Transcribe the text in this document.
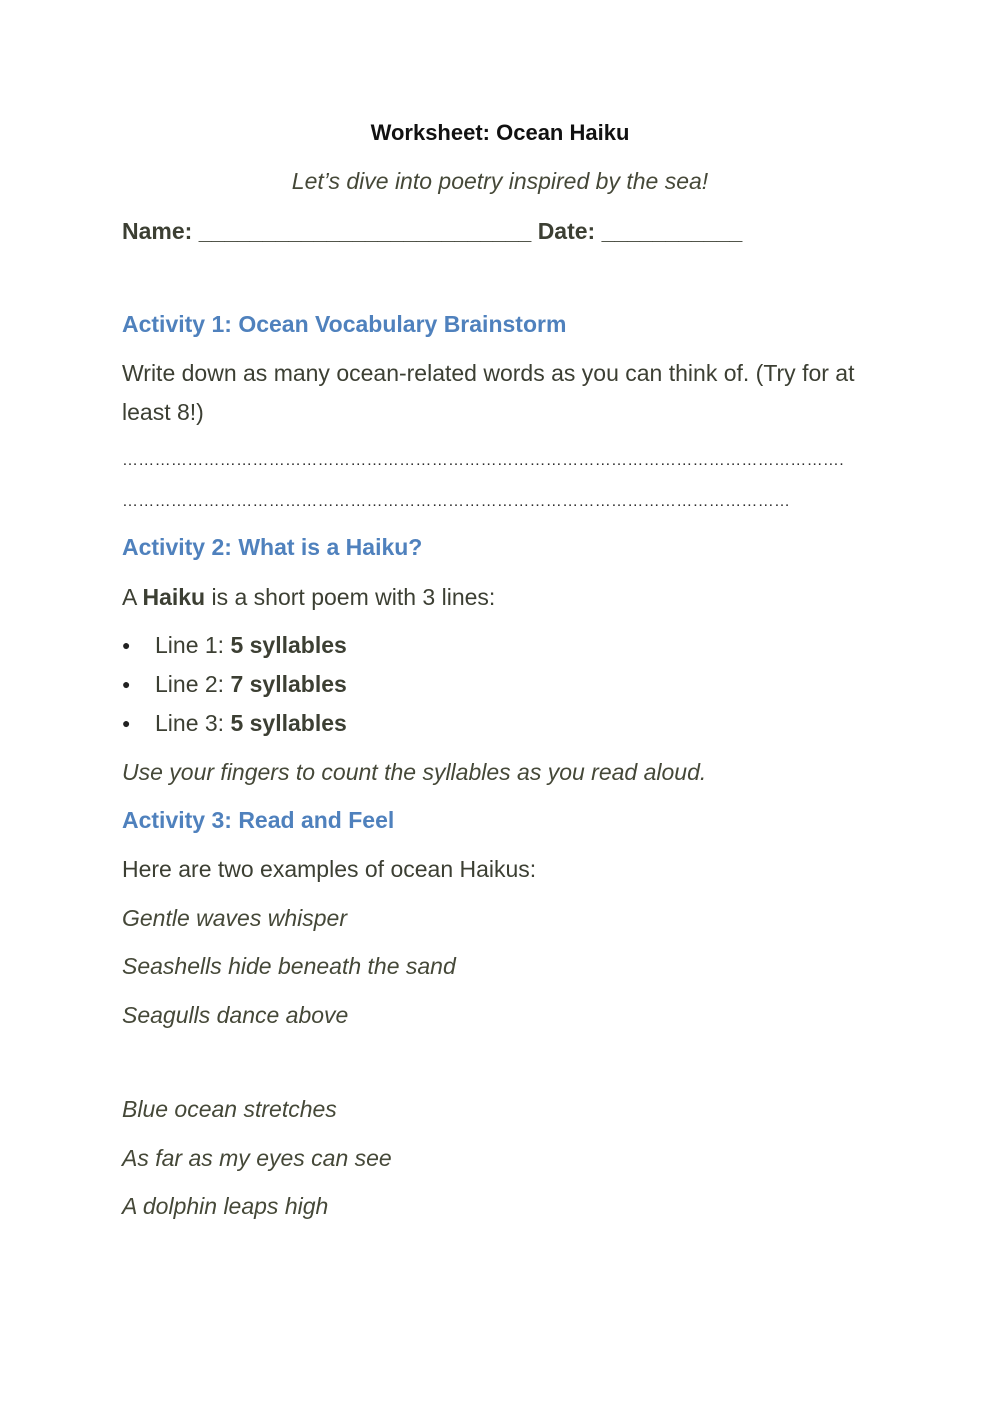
Worksheet: Ocean Haiku
Let’s dive into poetry inspired by the sea!
Name: __________________________ Date: ___________
Activity 1: Ocean Vocabulary Brainstorm
Write down as many ocean-related words as you can think of. (Try for at least 8!)
…………………………………………………………………………………………………………………….
……………………………………………………………………………………………………………
Activity 2: What is a Haiku?
A Haiku is a short poem with 3 lines:
● Line 1: 5 syllables
● Line 2: 7 syllables
● Line 3: 5 syllables
Use your fingers to count the syllables as you read aloud.
Activity 3: Read and Feel
Here are two examples of ocean Haikus:
Gentle waves whisper
Seashells hide beneath the sand
Seagulls dance above
Blue ocean stretches
As far as my eyes can see
A dolphin leaps high
